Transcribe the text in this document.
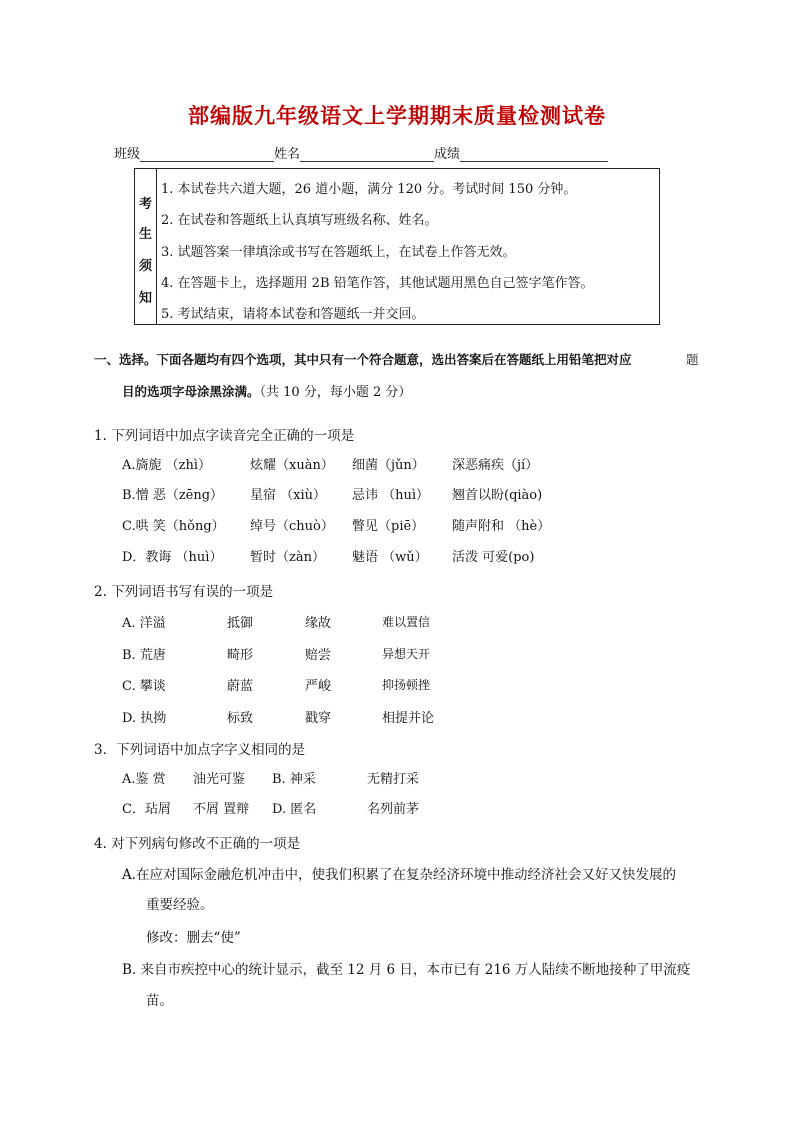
部编版九年级语文上学期期末质量检测试卷
班级	姓名	成绩
考
生
须
知
1. 本试卷共六道大题，26 道小题，满分 120 分。考试时间 150 分钟。
2. 在试卷和答题纸上认真填写班级名称、姓名。
3. 试题答案一律填涂或书写在答题纸上，在试卷上作答无效。
4. 在答题卡上，选择题用 2B 铅笔作答，其他试题用黑色自己签字笔作答。
5. 考试结束，请将本试卷和答题纸一并交回。
一、选择。下面各题均有四个选项，其中只有一个符合题意，选出答案后在答题纸上用铅笔把对应	题
目的选项字母涂黑涂满。（共 10 分，每小题 2 分）
1. 下列词语中加点字读音完全正确的一项是
A.旖旎 （zhì）	炫耀（xuàn） 细菌（jǔn） 深恶痛疾（jí）
B.憎 恶（zēng） 星宿 （xiù） 忌讳 （huì） 翘首以盼(qiào)
C.哄 笑（hǒng） 绰号（chuò） 瞥见（piē） 随声附和 （hè）
D．教诲 （huì） 暂时（zàn） 魅语 （wǔ） 活泼 可爱(po)
2. 下列词语书写有误的一项是
A. 洋溢	抵御	缘故	难以置信
B. 荒唐	畸形	赔尝	异想天开
C. 攀谈	蔚蓝	严峻	抑扬顿挫
D. 执拗	标致	戳穿	相提并论
3．下列词语中加点字字义相同的是
A.鉴 赏 油光可鉴 B. 神采	无精打采
C．玷屑 不屑 置辩 D. 匿名	名列前茅
4. 对下列病句修改不正确的一项是
A.在应对国际金融危机冲击中，使我们积累了在复杂经济环境中推动经济社会又好又快发展的
重要经验。
修改：删去“使”
B. 来自市疾控中心的统计显示，截至 12 月 6 日，本市已有 216 万人陆续不断地接种了甲流疫
苗。
